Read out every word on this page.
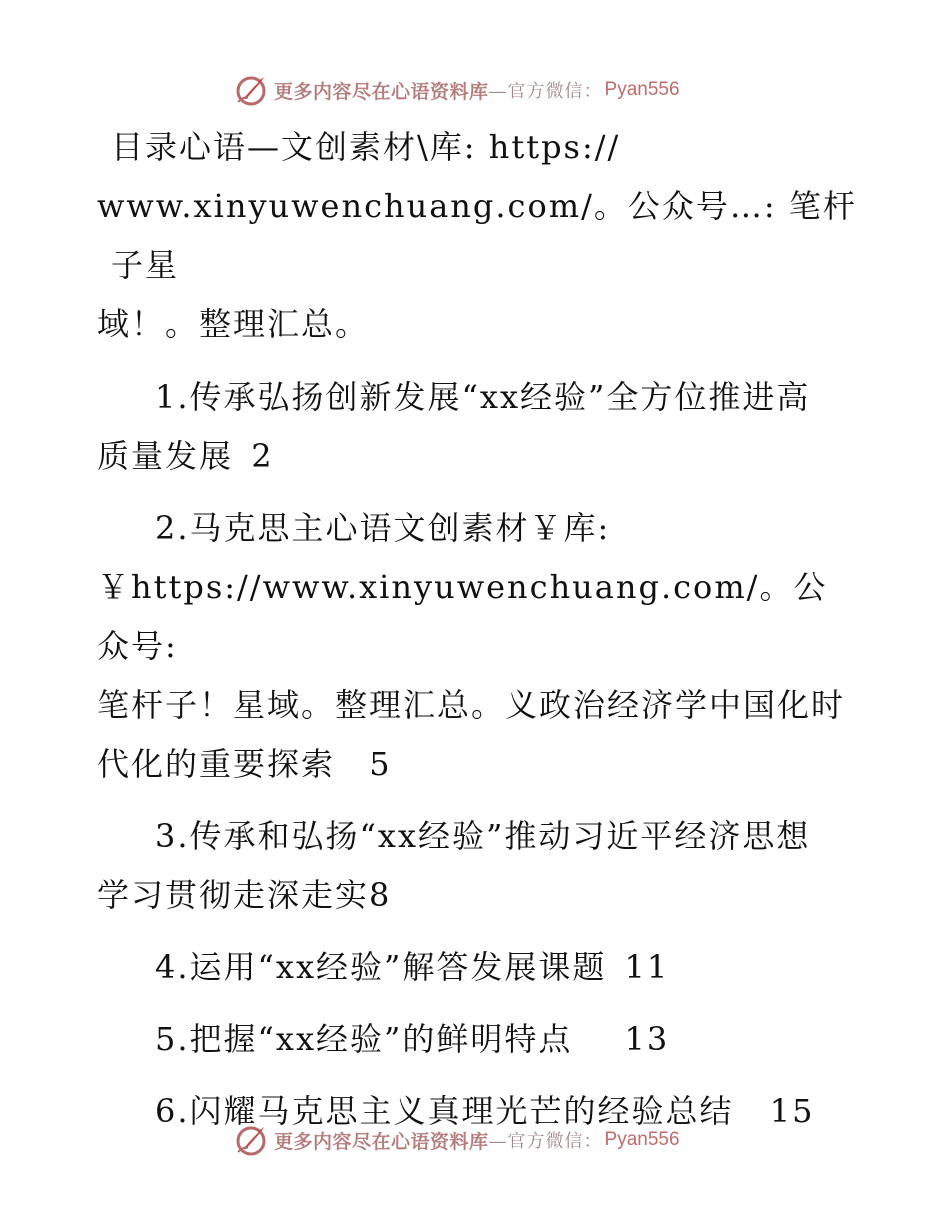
更多内容尽在心语资料库 —官方微信： Pyan556

目录心语—文创素材\库: https://
www.xinyuwenchuang.com/。公众号…: 笔杆子星
域！。整理汇总。

1.传承弘扬创新发展“xx经验”全方位推进高
质量发展 2

2.马克思主心语文创素材￥库:
￥https://www.xinyuwenchuang.com/。公众号:
笔杆子！星域。整理汇总。义政治经济学中国化时
代化的重要探索 5

3.传承和弘扬“xx经验”推动习近平经济思想
学习贯彻走深走实8

4.运用“xx经验”解答发展课题 11

5.把握“xx经验”的鲜明特点 13

6.闪耀马克思主义真理光芒的经验总结 15

更多内容尽在心语资料库 —官方微信： Pyan556
